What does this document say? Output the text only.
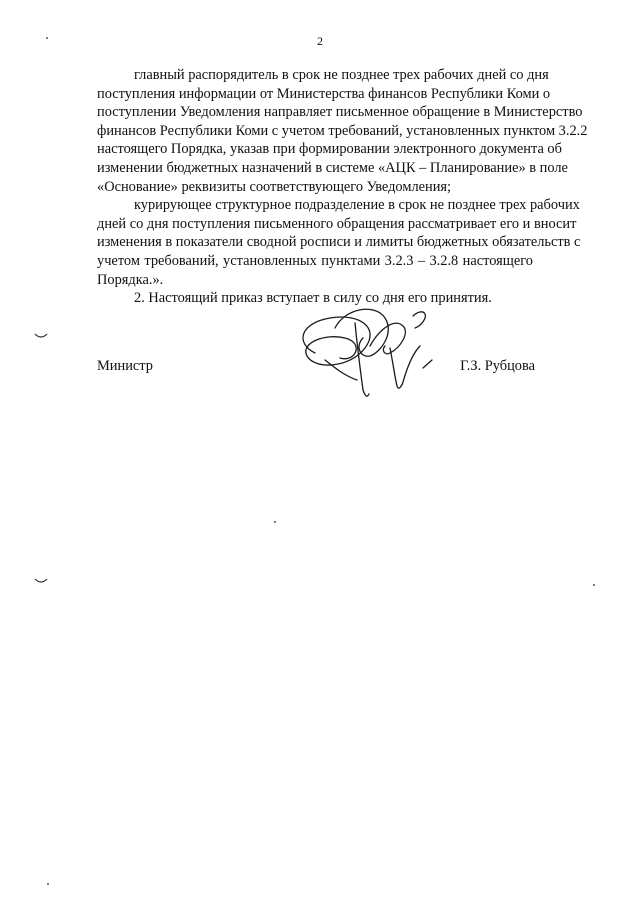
2

главный распорядитель в срок не позднее трех рабочих дней со дня
поступления информации от Министерства финансов Республики Коми о
поступлении Уведомления направляет письменное обращение в Министерство
финансов Республики Коми с учетом требований, установленных пунктом 3.2.2
настоящего Порядка, указав при формировании электронного документа об
изменении бюджетных назначений в системе «АЦК – Планирование» в поле
«Основание» реквизиты соответствующего Уведомления;

курирующее структурное подразделение в срок не позднее трех рабочих
дней со дня поступления письменного обращения рассматривает его и вносит
изменения в показатели сводной росписи и лимиты бюджетных обязательств с
учетом требований, установленных пунктами 3.2.3 – 3.2.8 настоящего
Порядка.».

2. Настоящий приказ вступает в силу со дня его принятия.

Министр	Г.З. Рубцова
